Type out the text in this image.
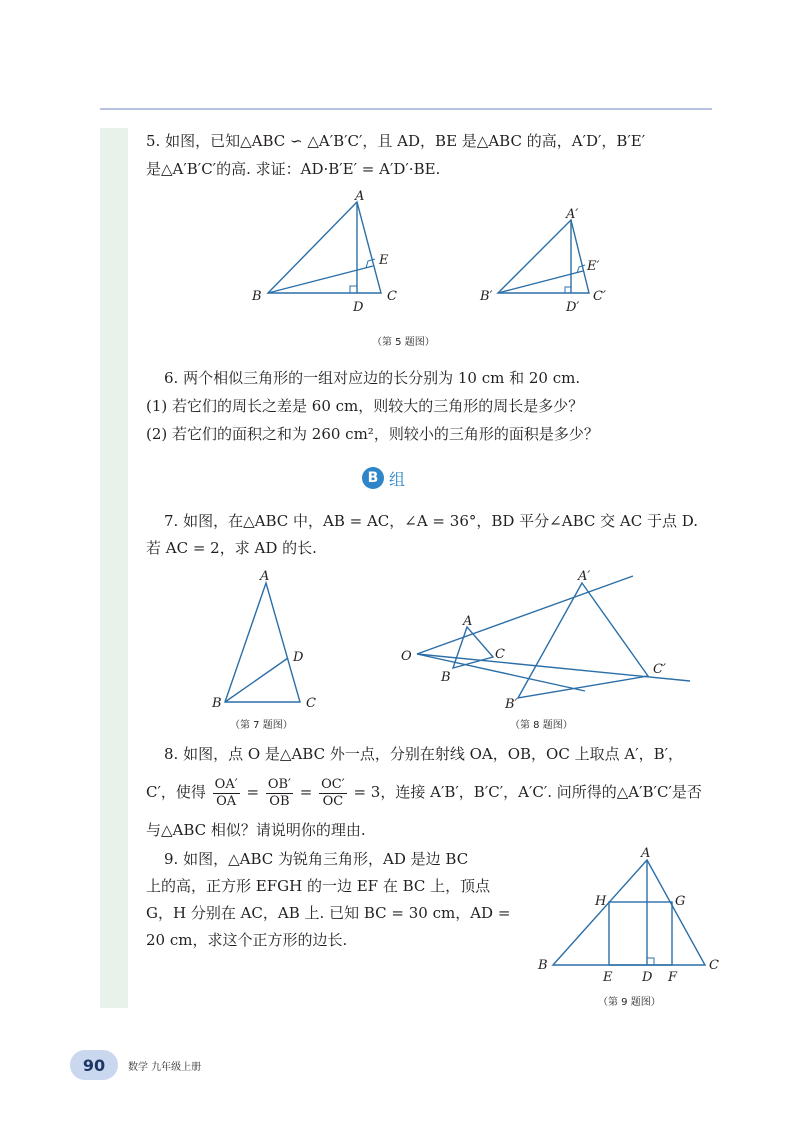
5. 如图，已知△ABC ∽ △A′B′C′，且 AD，BE 是△ABC 的高，A′D′，B′E′
是△A′B′C′的高. 求证：AD·B′E′ = A′D′·BE.
A
B	C
D
E
A′
B′	C′
D′
E′
（第 5 题图）
6. 两个相似三角形的一组对应边的长分别为 10 cm 和 20 cm.
(1) 若它们的周长之差是 60 cm，则较大的三角形的周长是多少？
(2) 若它们的面积之和为 260 cm²，则较小的三角形的面积是多少？
B 组
7. 如图，在△ABC 中，AB = AC，∠A = 36°，BD 平分∠ABC 交 AC 于点 D.
若 AC = 2，求 AD 的长.
A
B	C
D
（第 7 题图）
O
A
B
C
A′
B′
C′
（第 8 题图）
8. 如图，点 O 是△ABC 外一点，分别在射线 OA，OB，OC 上取点 A′，B′，
C′，使得 $\frac{OA'}{OA} = \frac{OB'}{OB} = \frac{OC'}{OC} = 3$，连接 A′B′，B′C′，A′C′. 问所得的△A′B′C′是否
与△ABC 相似？请说明你的理由.
9. 如图，△ABC 为锐角三角形，AD 是边 BC
上的高，正方形 EFGH 的一边 EF 在 BC 上，顶点
G，H 分别在 AC，AB 上. 已知 BC = 30 cm，AD =
20 cm，求这个正方形的边长.
A
B	C
D
E	F
G
H
（第 9 题图）
90	数学 九年级上册
